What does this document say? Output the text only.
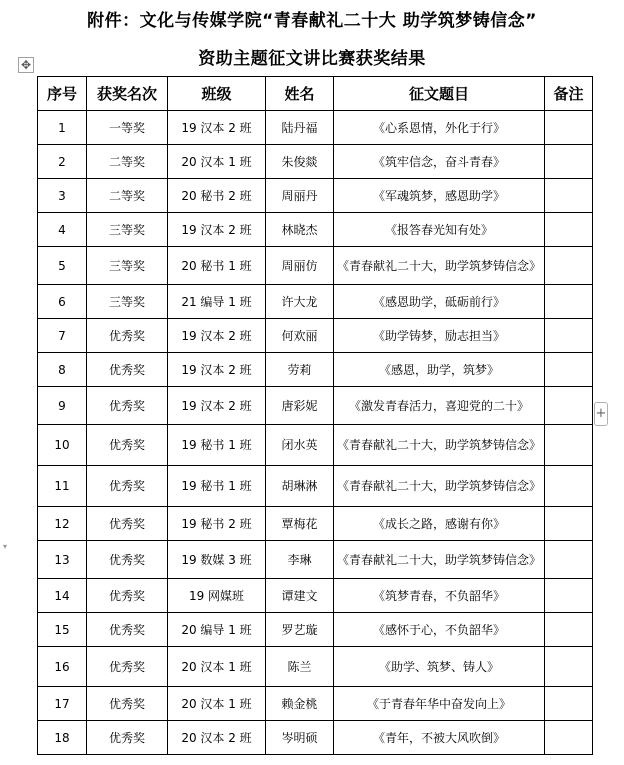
附件：文化与传媒学院“青春献礼二十大 助学筑梦铸信念”
资助主题征文讲比赛获奖结果
✥
+
▾
序号	获奖名次	班级	姓名	征文题目	备注
1	一等奖	19 汉本 2 班	陆丹福	《心系恩情，外化于行》	
2	二等奖	20 汉本 1 班	朱俊燚	《筑牢信念，奋斗青春》	
3	二等奖	20 秘书 2 班	周丽丹	《军魂筑梦，感恩助学》	
4	三等奖	19 汉本 2 班	林晓杰	《报答春光知有处》	
5	三等奖	20 秘书 1 班	周丽仿	《青春献礼二十大，助学筑梦铸信念》	
6	三等奖	21 编导 1 班	许大龙	《感恩助学，砥砺前行》	
7	优秀奖	19 汉本 2 班	何欢丽	《助学铸梦，励志担当》	
8	优秀奖	19 汉本 2 班	劳莉	《感恩，助学，筑梦》	
9	优秀奖	19 汉本 2 班	唐彩妮	《激发青春活力，喜迎党的二十》	
10	优秀奖	19 秘书 1 班	闭水英	《青春献礼二十大，助学筑梦铸信念》	
11	优秀奖	19 秘书 1 班	胡琳淋	《青春献礼二十大，助学筑梦铸信念》	
12	优秀奖	19 秘书 2 班	覃梅花	《成长之路，感谢有你》	
13	优秀奖	19 数媒 3 班	李琳	《青春献礼二十大，助学筑梦铸信念》	
14	优秀奖	19 网媒班	谭建文	《筑梦青春，不负韶华》	
15	优秀奖	20 编导 1 班	罗艺璇	《感怀于心，不负韶华》	
16	优秀奖	20 汉本 1 班	陈兰	《助学、筑梦、铸人》	
17	优秀奖	20 汉本 1 班	赖金桃	《于青春年华中奋发向上》	
18	优秀奖	20 汉本 2 班	岑明硕	《青年，不被大风吹倒》	
